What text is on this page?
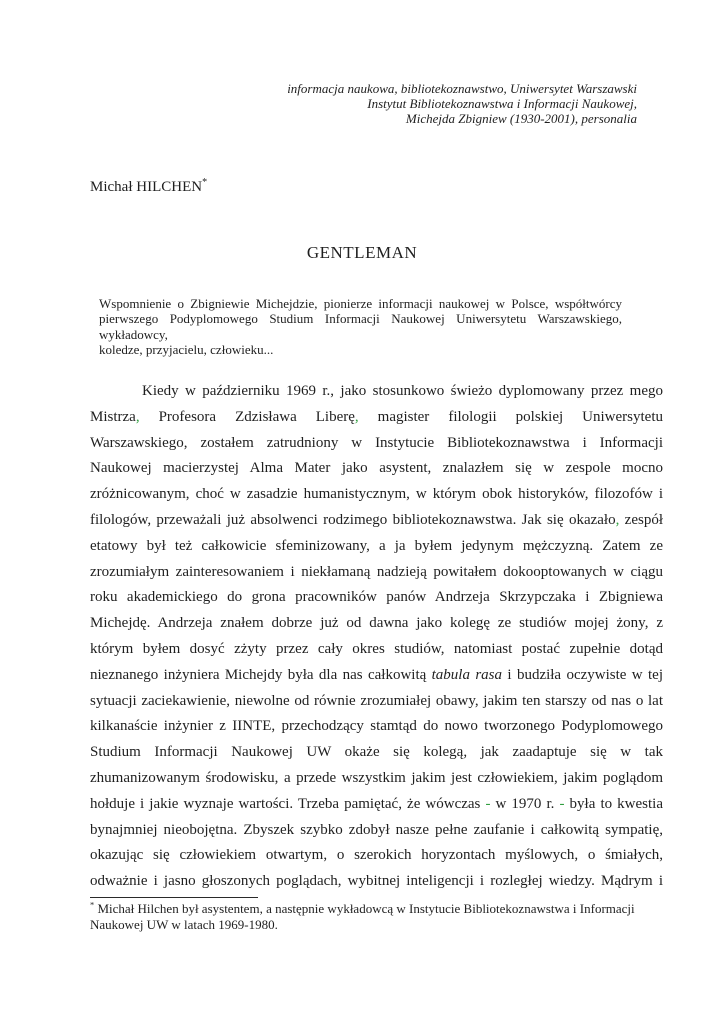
informacja naukowa, bibliotekoznawstwo, Uniwersytet Warszawski
Instytut Bibliotekoznawstwa i Informacji Naukowej,
Michejda Zbigniew (1930-2001), personalia
Michał HILCHEN*
GENTLEMAN
Wspomnienie o Zbigniewie Michejdzie, pionierze informacji naukowej w Polsce, współtwórcy
pierwszego Podyplomowego Studium Informacji Naukowej Uniwersytetu Warszawskiego, wykładowcy,
koledze, przyjacielu, człowieku...
Kiedy w październiku 1969 r., jako stosunkowo świeżo dyplomowany przez mego
Mistrza, Profesora Zdzisława Liberę, magister filologii polskiej Uniwersytetu
Warszawskiego, zostałem zatrudniony w Instytucie Bibliotekoznawstwa i Informacji
Naukowej macierzystej Alma Mater jako asystent, znalazłem się w zespole mocno
zróżnicowanym, choć w zasadzie humanistycznym, w którym obok historyków, filozofów i
filologów, przeważali już absolwenci rodzimego bibliotekoznawstwa. Jak się okazało, zespół
etatowy był też całkowicie sfeminizowany, a ja byłem jedynym mężczyzną. Zatem ze
zrozumiałym zainteresowaniem i niekłamaną nadzieją powitałem dokooptowanych w ciągu
roku akademickiego do grona pracowników panów Andrzeja Skrzypczaka i Zbigniewa
Michejdę. Andrzeja znałem dobrze już od dawna jako kolegę ze studiów mojej żony, z
którym byłem dosyć zżyty przez cały okres studiów, natomiast postać zupełnie dotąd
nieznanego inżyniera Michejdy była dla nas całkowitą tabula rasa i budziła oczywiste w tej
sytuacji zaciekawienie, niewolne od równie zrozumiałej obawy, jakim ten starszy od nas o lat
kilkanaście inżynier z IINTE, przechodzący stamtąd do nowo tworzonego Podyplomowego
Studium Informacji Naukowej UW okaże się kolegą, jak zaadaptuje się w tak
zhumanizowanym środowisku, a przede wszystkim jakim jest człowiekiem, jakim poglądom
hołduje i jakie wyznaje wartości. Trzeba pamiętać, że wówczas - w 1970 r. - była to kwestia
bynajmniej nieobojętna. Zbyszek szybko zdobył nasze pełne zaufanie i całkowitą sympatię,
okazując się człowiekiem otwartym, o szerokich horyzontach myślowych, o śmiałych,
odważnie i jasno głoszonych poglądach, wybitnej inteligencji i rozległej wiedzy. Mądrym i
* Michał Hilchen był asystentem, a następnie wykładowcą w Instytucie Bibliotekoznawstwa i Informacji
Naukowej UW w latach 1969-1980.
